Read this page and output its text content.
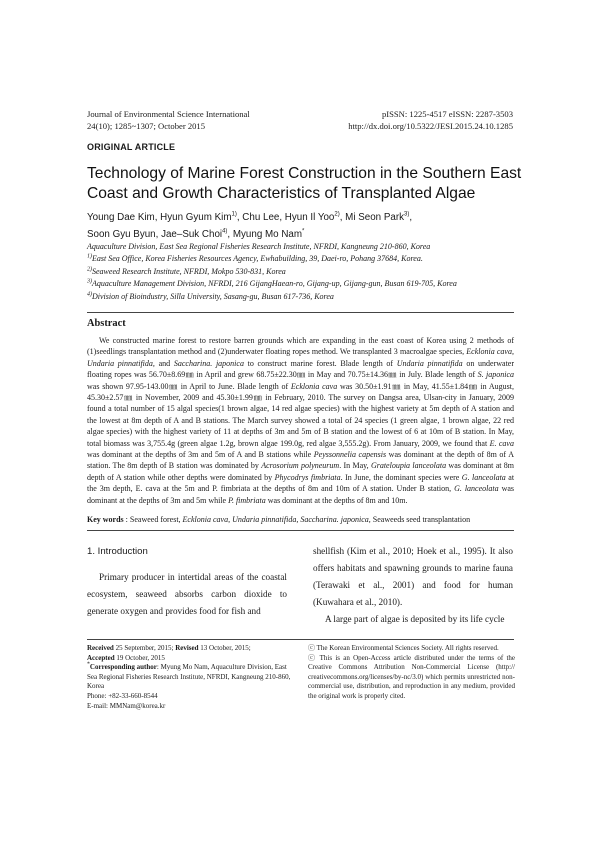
Journal of Environmental Science International
24(10); 1285~1307; October 2015
pISSN: 1225-4517 eISSN: 2287-3503
http://dx.doi.org/10.5322/JESI.2015.24.10.1285
ORIGINAL ARTICLE
Technology of Marine Forest Construction in the Southern East
Coast and Growth Characteristics of Transplanted Algae
Young Dae Kim, Hyun Gyum Kim$^{1)}$, Chu Lee, Hyun Il Yoo$^{2)}$, Mi Seon Park$^{3)}$,
Soon Gyu Byun, Jae–Suk Choi$^{4)}$, Myung Mo Nam*
Aquaculture Division, East Sea Regional Fisheries Research Institute, NFRDI, Kangneung 210-860, Korea
$^{1)}$East Sea Office, Korea Fisheries Resources Agency, Ewhabuilding, 39, Daei-ro, Pohang 37684, Korea.
$^{2)}$Seaweed Research Institute, NFRDI, Mokpo 530-831, Korea
$^{3)}$Aquaculture Management Division, NFRDI, 216 GijangHaean-ro, Gijang-up, Gijang-gun, Busan 619-705, Korea
$^{4)}$Division of Bioindustry, Silla University, Sasang-gu, Busan 617-736, Korea
Abstract
We constructed marine forest to restore barren grounds which are expanding in the east coast of Korea using 2 methods of (1)seedlings transplantation method and (2)underwater floating ropes method. We transplanted 3 macroalgae species, Ecklonia cava, Undaria pinnatifida, and Saccharina. japonica to construct marine forest. Blade length of Undaria pinnatifida on underwater floating ropes was 56.70±8.69㎜ in April and grew 68.75±22.30㎜ in May and 70.75±14.36㎜ in July. Blade length of S. japonica was shown 97.95-143.00㎜ in April to June. Blade length of Ecklonia cava was 30.50±1.91㎜ in May, 41.55±1.84㎜ in August, 45.30±2.57㎜ in November, 2009 and 45.30±1.99㎜ in February, 2010. The survey on Dangsa area, Ulsan-city in January, 2009 found a total number of 15 algal species(1 brown algae, 14 red algae species) with the highest variety at 5m depth of A station and the lowest at 8m depth of A and B stations. The March survey showed a total of 24 species (1 green algae, 1 brown algae, 22 red algae species) with the highest variety of 11 at depths of 3m and 5m of B station and the lowest of 6 at 10m of B station. In May, total biomass was 3,755.4g (green algae 1.2g, brown algae 199.0g, red algae 3,555.2g). From January, 2009, we found that E. cava was dominant at the depths of 3m and 5m of A and B stations while Peyssonnelia capensis was dominant at the depth of 8m of A station. The 8m depth of B station was dominated by Acrosorium polyneurum. In May, Grateloupia lanceolata was dominant at 8m depth of A station while other depths were dominated by Phycodrys fimbriata. In June, the dominant species were G. lanceolata at the 3m depth, E. cava at the 5m and P. fimbriata at the depths of 8m and 10m of A station. Under B station, G. lanceolata was dominant at the depths of 3m and 5m while P. fimbriata was dominant at the depths of 8m and 10m.
Key words : Seaweed forest, Ecklonia cava, Undaria pinnatifida, Saccharina. japonica, Seaweeds seed transplantation
1. Introduction
Primary producer in intertidal areas of the coastal ecosystem, seaweed absorbs carbon dioxide to generate oxygen and provides food for fish and
shellfish (Kim et al., 2010; Hoek et al., 1995). It also offers habitats and spawning grounds to marine fauna (Terawaki et al., 2001) and food for human (Kuwahara et al., 2010).
A large part of algae is deposited by its life cycle
Received 25 September, 2015; Revised 13 October, 2015;
Accepted 19 October, 2015
*Corresponding author: Myung Mo Nam, Aquaculture Division, East Sea Regional Fisheries Research Institute, NFRDI, Kangneung 210-860, Korea
Phone: +82-33-660-8544
E-mail: MMNam@korea.kr
ⓒ The Korean Environmental Sciences Society. All rights reserved.
ⓒ This is an Open-Access article distributed under the terms of the Creative Commons Attribution Non-Commercial License (http:// creativecommons.org/licenses/by-nc/3.0) which permits unrestricted non-commercial use, distribution, and reproduction in any medium, provided the original work is properly cited.
